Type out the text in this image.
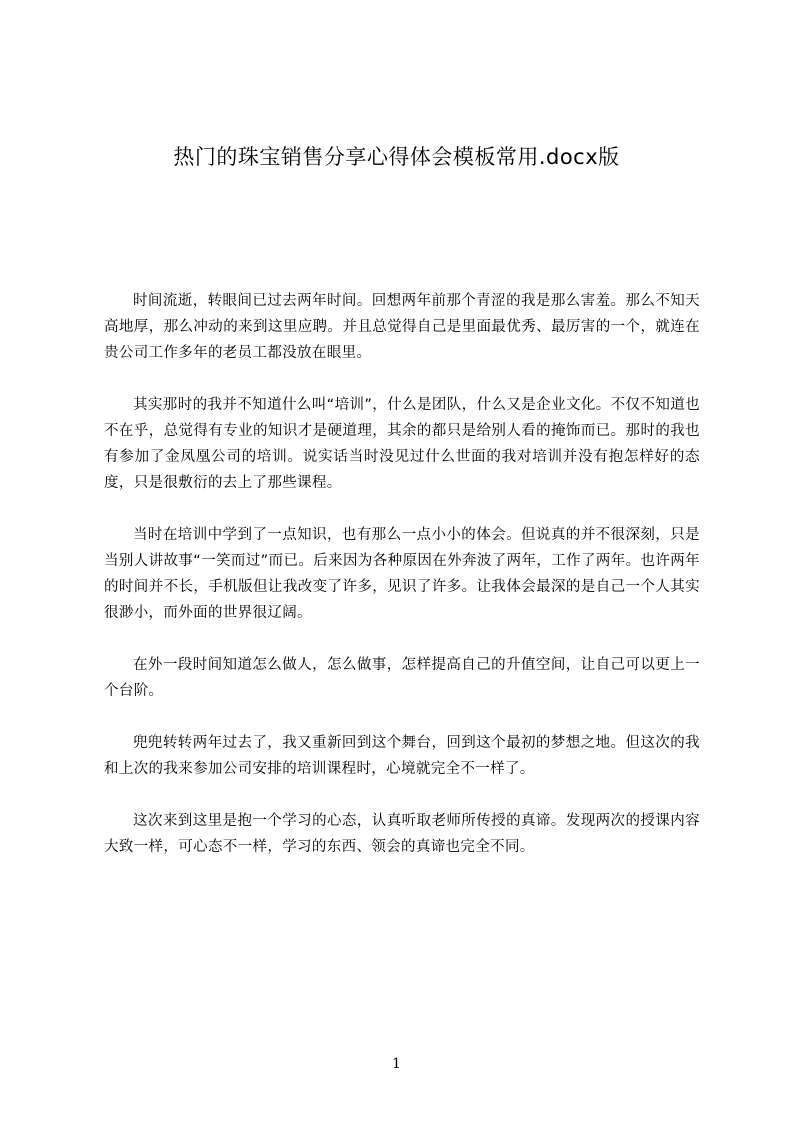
热门的珠宝销售分享心得体会模板常用.docx版

时间流逝，转眼间已过去两年时间。回想两年前那个青涩的我是那么害羞。那么不知天高地厚，那么冲动的来到这里应聘。并且总觉得自己是里面最优秀、最厉害的一个，就连在贵公司工作多年的老员工都没放在眼里。

其实那时的我并不知道什么叫“培训”，什么是团队，什么又是企业文化。不仅不知道也不在乎，总觉得有专业的知识才是硬道理，其余的都只是给别人看的掩饰而已。那时的我也有参加了金凤凰公司的培训。说实话当时没见过什么世面的我对培训并没有抱怎样好的态度，只是很敷衍的去上了那些课程。

当时在培训中学到了一点知识，也有那么一点小小的体会。但说真的并不很深刻，只是当别人讲故事“一笑而过”而已。后来因为各种原因在外奔波了两年，工作了两年。也许两年的时间并不长，手机版但让我改变了许多，见识了许多。让我体会最深的是自己一个人其实很渺小，而外面的世界很辽阔。

在外一段时间知道怎么做人，怎么做事，怎样提高自己的升值空间，让自己可以更上一个台阶。

兜兜转转两年过去了，我又重新回到这个舞台，回到这个最初的梦想之地。但这次的我和上次的我来参加公司安排的培训课程时，心境就完全不一样了。

这次来到这里是抱一个学习的心态，认真听取老师所传授的真谛。发现两次的授课内容大致一样，可心态不一样，学习的东西、领会的真谛也完全不同。

1
